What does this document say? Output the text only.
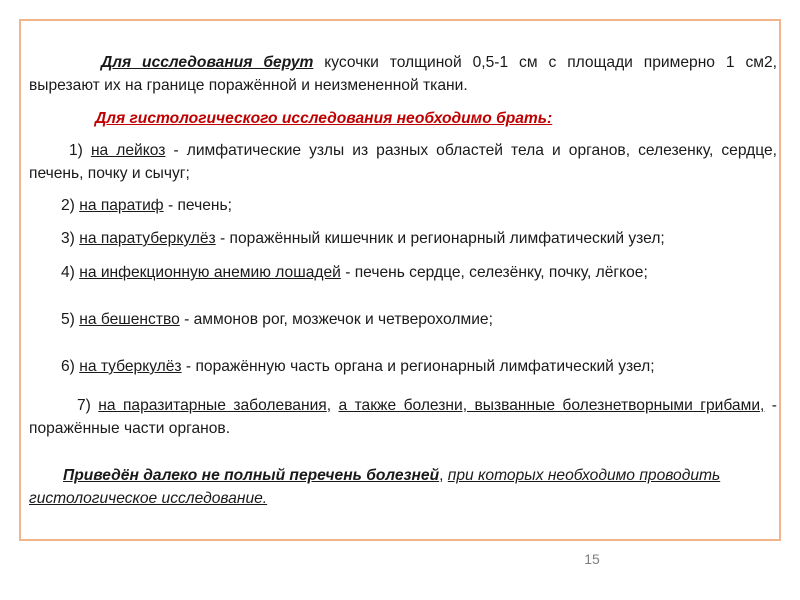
Для исследования берут кусочки толщиной 0,5-1 см с площади примерно 1 см2, вырезают их на границе поражённой и неизмененной ткани.

Для гистологического исследования необходимо брать:

1) на лейкоз - лимфатические узлы из разных областей тела и органов, селезенку, сердце, печень, почку и сычуг;

2) на паратиф - печень;

3) на паратуберкулёз - поражённый кишечник и регионарный лимфатический узел;

4) на инфекционную анемию лошадей - печень сердце, селезёнку, почку, лёгкое;

5) на бешенство - аммонов рог, мозжечок и четверохолмие;

6) на туберкулёз - поражённую часть органа и регионарный лимфатический узел;

7) на паразитарные заболевания, а также болезни, вызванные болезнетворными грибами, - поражённые части органов.

Приведён далеко не полный перечень болезней, при которых необходимо проводить гистологическое исследование.

15
